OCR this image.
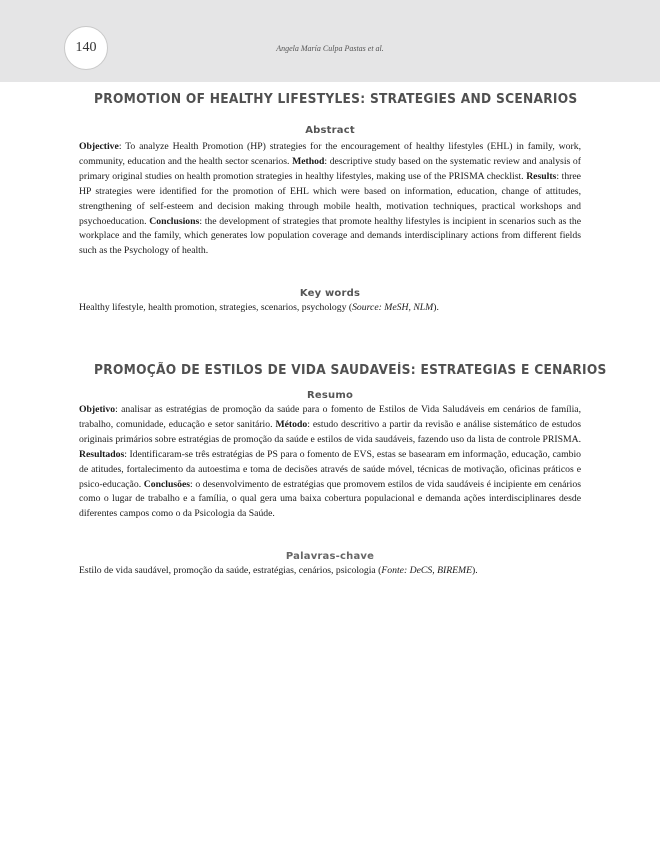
140	Angela María Culpa Pastas et al.
PROMOTION OF HEALTHY LIFESTYLES: STRATEGIES AND SCENARIOS
Abstract
Objective: To analyze Health Promotion (HP) strategies for the encouragement of healthy lifestyles (EHL) in family, work, community, education and the health sector scenarios. Method: descriptive study based on the systematic review and analysis of primary original studies on health promotion strategies in healthy lifestyles, making use of the PRISMA checklist. Results: three HP strategies were identified for the promotion of EHL which were based on information, education, change of attitudes, strengthening of self-esteem and decision making through mobile health, motivation techniques, practical workshops and psychoeducation. Conclusions: the development of strategies that promote healthy lifestyles is incipient in scenarios such as the workplace and the family, which generates low population coverage and demands interdisciplinary actions from different fields such as the Psychology of health.
Key words
Healthy lifestyle, health promotion, strategies, scenarios, psychology (Source: MeSH, NLM).
PROMOÇÃO DE ESTILOS DE VIDA SAUDAVEÍS: ESTRATEGIAS E CENARIOS
Resumo
Objetivo: analisar as estratégias de promoção da saúde para o fomento de Estilos de Vida Saludáveis em cenários de família, trabalho, comunidade, educação e setor sanitário. Método: estudo descritivo a partir da revisão e análise sistemático de estudos originais primários sobre estratégias de promoção da saúde e estilos de vida saudáveis, fazendo uso da lista de controle PRISMA. Resultados: Identificaram-se três estratégias de PS para o fomento de EVS, estas se basearam em informação, educação, cambio de atitudes, fortalecimento da autoestima e toma de decisões através de saúde móvel, técnicas de motivação, oficinas práticos e psico-educação. Conclusões: o desenvolvimento de estratégias que promovem estilos de vida saudáveis é incipiente em cenários como o lugar de trabalho e a família, o qual gera uma baixa cobertura populacional e demanda ações interdisciplinares desde diferentes campos como o da Psicologia da Saúde.
Palavras-chave
Estilo de vida saudável, promoção da saúde, estratégias, cenários, psicologia (Fonte: DeCS, BIREME).
